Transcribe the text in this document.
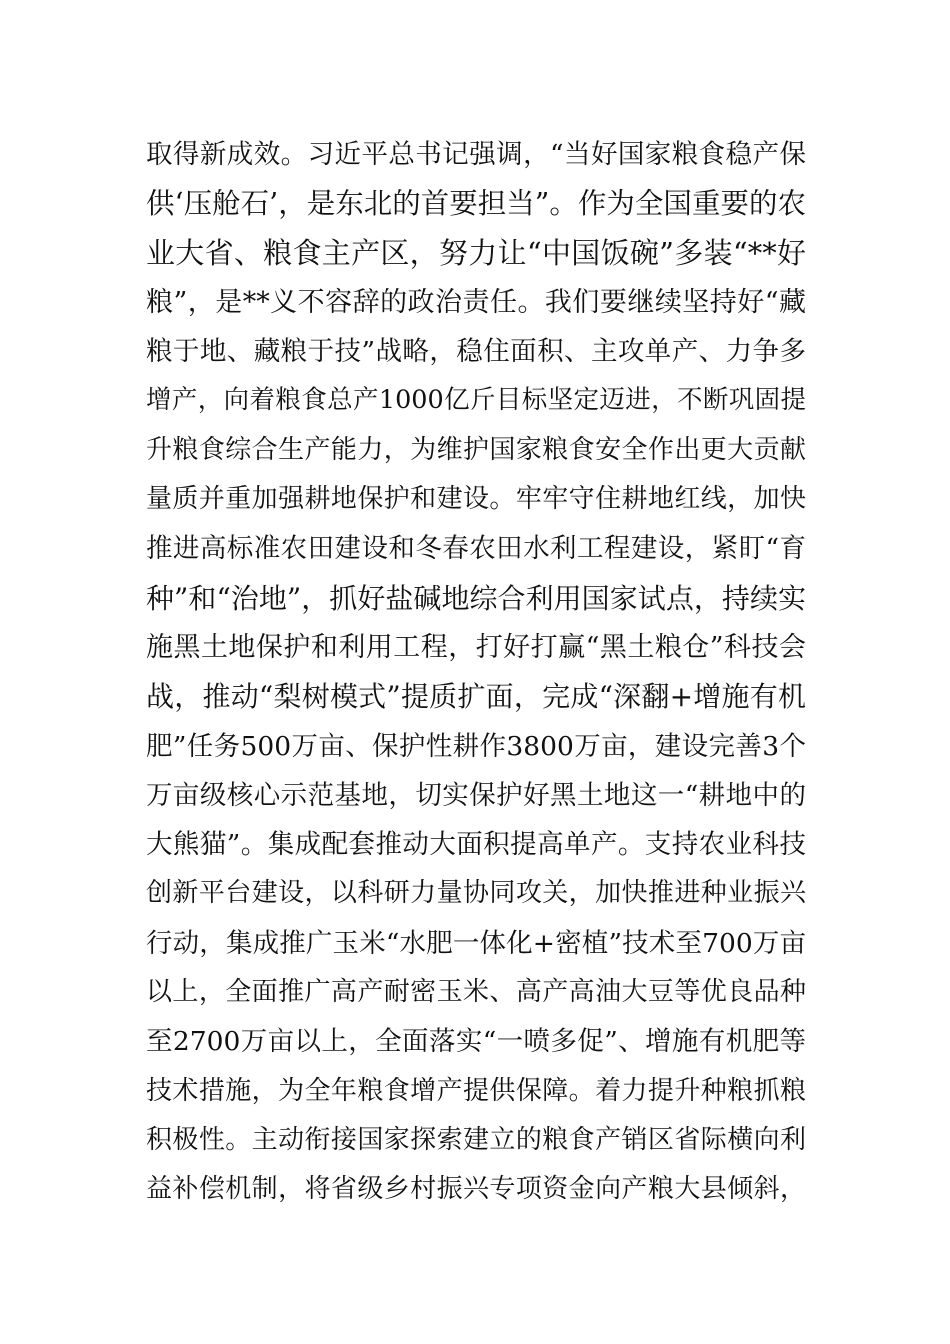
取得新成效。习近平总书记强调，“当好国家粮食稳产保
供‘压舱石’，是东北的首要担当”。作为全国重要的农
业大省、粮食主产区，努力让“中国饭碗”多装“**好
粮”，是**义不容辞的政治责任。我们要继续坚持好“藏
粮于地、藏粮于技”战略，稳住面积、主攻单产、力争多
增产，向着粮食总产1000亿斤目标坚定迈进，不断巩固提
升粮食综合生产能力，为维护国家粮食安全作出更大贡献
量质并重加强耕地保护和建设。牢牢守住耕地红线，加快
推进高标准农田建设和冬春农田水利工程建设，紧盯“育
种”和“治地”，抓好盐碱地综合利用国家试点，持续实
施黑土地保护和利用工程，打好打赢“黑土粮仓”科技会
战，推动“梨树模式”提质扩面，完成“深翻+增施有机
肥”任务500万亩、保护性耕作3800万亩，建设完善3个
万亩级核心示范基地，切实保护好黑土地这一“耕地中的
大熊猫”。集成配套推动大面积提高单产。支持农业科技
创新平台建设，以科研力量协同攻关，加快推进种业振兴
行动，集成推广玉米“水肥一体化+密植”技术至700万亩
以上，全面推广高产耐密玉米、高产高油大豆等优良品种
至2700万亩以上，全面落实“一喷多促”、增施有机肥等
技术措施，为全年粮食增产提供保障。着力提升种粮抓粮
积极性。主动衔接国家探索建立的粮食产销区省际横向利
益补偿机制，将省级乡村振兴专项资金向产粮大县倾斜，
